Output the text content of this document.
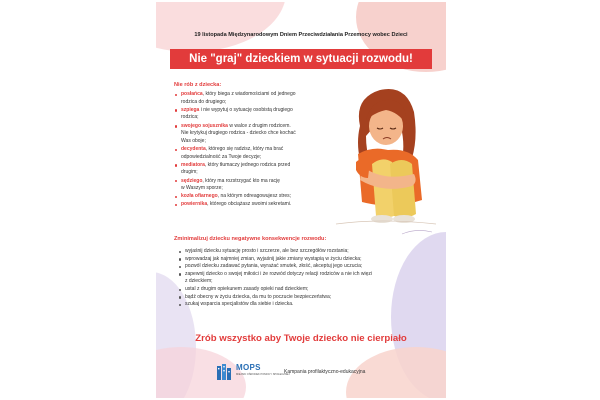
19 listopada Międzynarodowym Dniem Przeciwdziałania Przemocy wobec Dzieci
Nie "graj" dzieckiem w sytuacji rozwodu!
Nie rób z dziecka:
posłańca, który biega z wiadomościami od jednego
rodzica do drugiego;
szpiega i nie wypytuj o sytuację osobistą drugiego
rodzica;
swojego sojusznika w walce z drugim rodzicem.
Nie krytykuj drugiego rodzica - dziecko chce kochać
Was oboje;
decydenta, którego się radzisz, który ma brać
odpowiedzialność za Twoje decyzje;
mediatora, który tłumaczy jednego rodzica przed
drugim;
sędziego, który ma rozstrzygać kto ma rację
w Waszym sporze;
kozła ofiarnego, na którym odreagowujesz stres;
powiernika, którego obciążasz swoimi sekretami.
Zminimalizuj dziecku negatywne konsekwencje rozwodu:
wyjaśnij dziecku sytuację prosto i szczerze, ale bez szczegółów rozstania;
wprowadzaj jak najmniej zmian, wyjaśnij jakie zmiany wystąpią w życiu dziecka;
pozwól dziecku zadawać pytania, wyrażać smutek, złość, akceptuj jego uczucia;
zapewnij dziecko o swojej miłości i że rozwód dotyczy relacji rodziców a nie ich więzi
z dzieckiem;
ustal z drugim opiekunem zasady opieki nad dzieckiem;
bądź obecny w życiu dziecka, da mu to poczucie bezpieczeństwa;
szukaj wsparcia specjalistów dla siebie i dziecka.
Zrób wszystko aby Twoje dziecko nie cierpiało
MOPS
MIEJSKI OŚRODEK POMOCY SPOŁECZNEJ
Kampania profilaktyczno-edukacyjna
